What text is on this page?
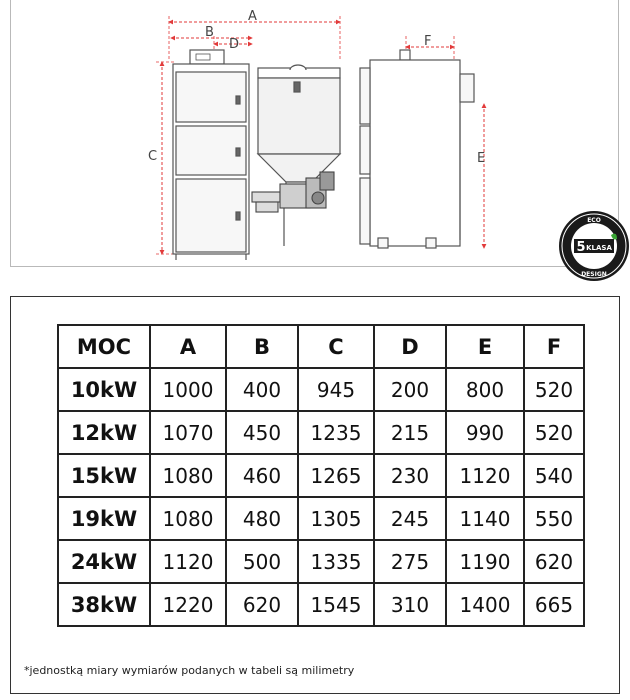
A
B
D
C
F
E
ECO
DESIGN
5 KLASA
MOC	A	B	C	D	E	F
10kW	1000	400	945	200	800	520
12kW	1070	450	1235	215	990	520
15kW	1080	460	1265	230	1120	540
19kW	1080	480	1305	245	1140	550
24kW	1120	500	1335	275	1190	620
38kW	1220	620	1545	310	1400	665
*jednostką miary wymiarów podanych w tabeli są milimetry
